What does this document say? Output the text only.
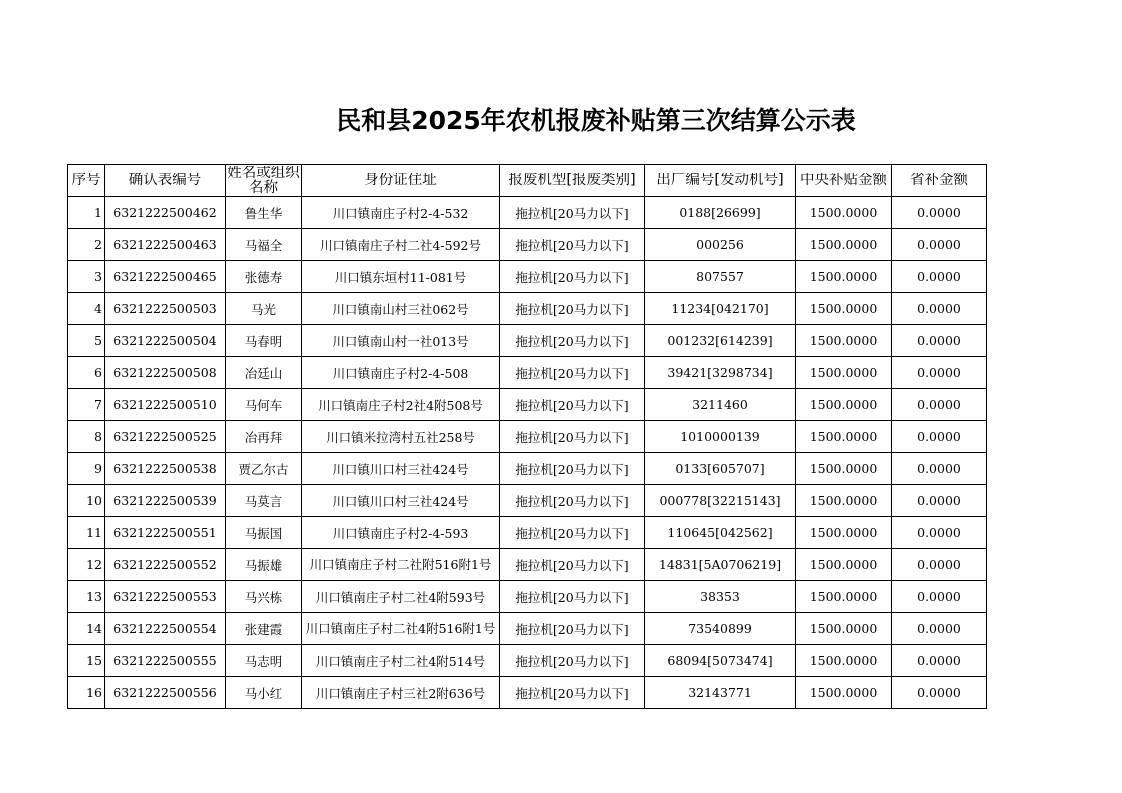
民和县2025年农机报废补贴第三次结算公示表
序号	确认表编号	姓名或组织名称	身份证住址	报废机型[报废类别]	出厂编号[发动机号]	中央补贴金额	省补金额

1	6321222500462	鲁生华	川口镇南庄子村2-4-532	拖拉机[20马力以下]	0188[26699]	1500.0000	0.0000
2	6321222500463	马福全	川口镇南庄子村二社4-592号	拖拉机[20马力以下]	000256	1500.0000	0.0000
3	6321222500465	张德寿	川口镇东垣村11-081号	拖拉机[20马力以下]	807557	1500.0000	0.0000
4	6321222500503	马光	川口镇南山村三社062号	拖拉机[20马力以下]	11234[042170]	1500.0000	0.0000
5	6321222500504	马春明	川口镇南山村一社013号	拖拉机[20马力以下]	001232[614239]	1500.0000	0.0000
6	6321222500508	冶廷山	川口镇南庄子村2-4-508	拖拉机[20马力以下]	39421[3298734]	1500.0000	0.0000
7	6321222500510	马何车	川口镇南庄子村2社4附508号	拖拉机[20马力以下]	3211460	1500.0000	0.0000
8	6321222500525	冶再拜	川口镇米拉湾村五社258号	拖拉机[20马力以下]	1010000139	1500.0000	0.0000
9	6321222500538	贾乙尔古	川口镇川口村三社424号	拖拉机[20马力以下]	0133[605707]	1500.0000	0.0000
10	6321222500539	马莫言	川口镇川口村三社424号	拖拉机[20马力以下]	000778[32215143]	1500.0000	0.0000
11	6321222500551	马振国	川口镇南庄子村2-4-593	拖拉机[20马力以下]	110645[042562]	1500.0000	0.0000
12	6321222500552	马振雄	川口镇南庄子村二社附516附1号	拖拉机[20马力以下]	14831[5A0706219]	1500.0000	0.0000
13	6321222500553	马兴栋	川口镇南庄子村二社4附593号	拖拉机[20马力以下]	38353	1500.0000	0.0000
14	6321222500554	张建霞	川口镇南庄子村二社4附516附1号	拖拉机[20马力以下]	73540899	1500.0000	0.0000
15	6321222500555	马志明	川口镇南庄子村二社4附514号	拖拉机[20马力以下]	68094[5073474]	1500.0000	0.0000
16	6321222500556	马小红	川口镇南庄子村三社2附636号	拖拉机[20马力以下]	32143771	1500.0000	0.0000
